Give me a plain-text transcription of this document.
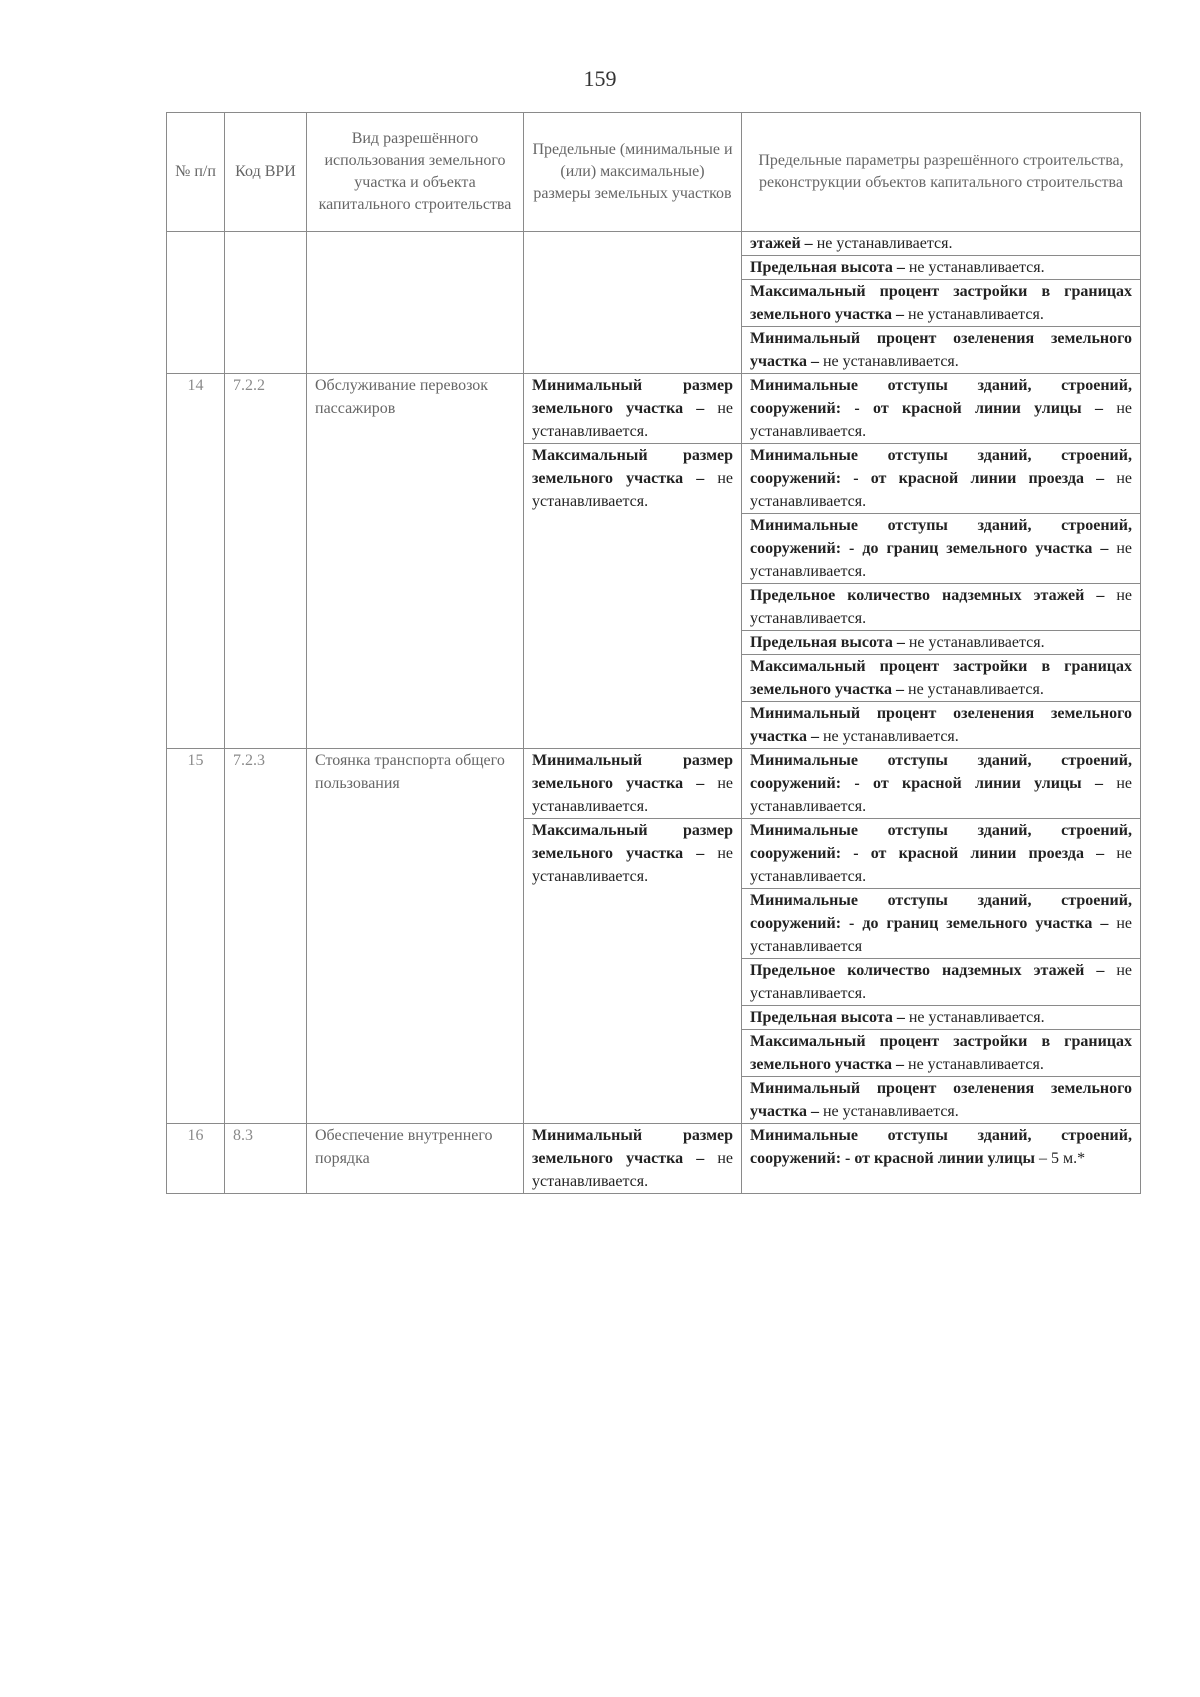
159
№ п/п	Код ВРИ	Вид разрешённого использования земельного участка и объекта капитального строительства	Предельные (минимальные и (или) максимальные) размеры земельных участков	Предельные параметры разрешённого строительства, реконструкции объектов капитального строительства
				этажей – не устанавливается.
				Предельная высота – не устанавливается.
				Максимальный процент застройки в границах земельного участка – не устанавливается.
				Минимальный процент озеленения земельного участка – не устанавливается.
14	7.2.2	Обслуживание перевозок пассажиров	Минимальный размер земельного участка – не устанавливается.	Минимальные отступы зданий, строений, сооружений: - от красной линии улицы – не устанавливается.
			Максимальный размер земельного участка – не устанавливается.	Минимальные отступы зданий, строений, сооружений: - от красной линии проезда – не устанавливается.
				Минимальные отступы зданий, строений, сооружений: - до границ земельного участка – не устанавливается.
				Предельное количество надземных этажей – не устанавливается.
				Предельная высота – не устанавливается.
				Максимальный процент застройки в границах земельного участка – не устанавливается.
				Минимальный процент озеленения земельного участка – не устанавливается.
15	7.2.3	Стоянка транспорта общего пользования	Минимальный размер земельного участка – не устанавливается.	Минимальные отступы зданий, строений, сооружений: - от красной линии улицы – не устанавливается.
			Максимальный размер земельного участка – не устанавливается.	Минимальные отступы зданий, строений, сооружений: - от красной линии проезда – не устанавливается.
				Минимальные отступы зданий, строений, сооружений: - до границ земельного участка – не устанавливается
				Предельное количество надземных этажей – не устанавливается.
				Предельная высота – не устанавливается.
				Максимальный процент застройки в границах земельного участка – не устанавливается.
				Минимальный процент озеленения земельного участка – не устанавливается.
16	8.3	Обеспечение внутреннего порядка	Минимальный размер земельного участка – не устанавливается.	Минимальные отступы зданий, строений, сооружений: - от красной линии улицы – 5 м.*
